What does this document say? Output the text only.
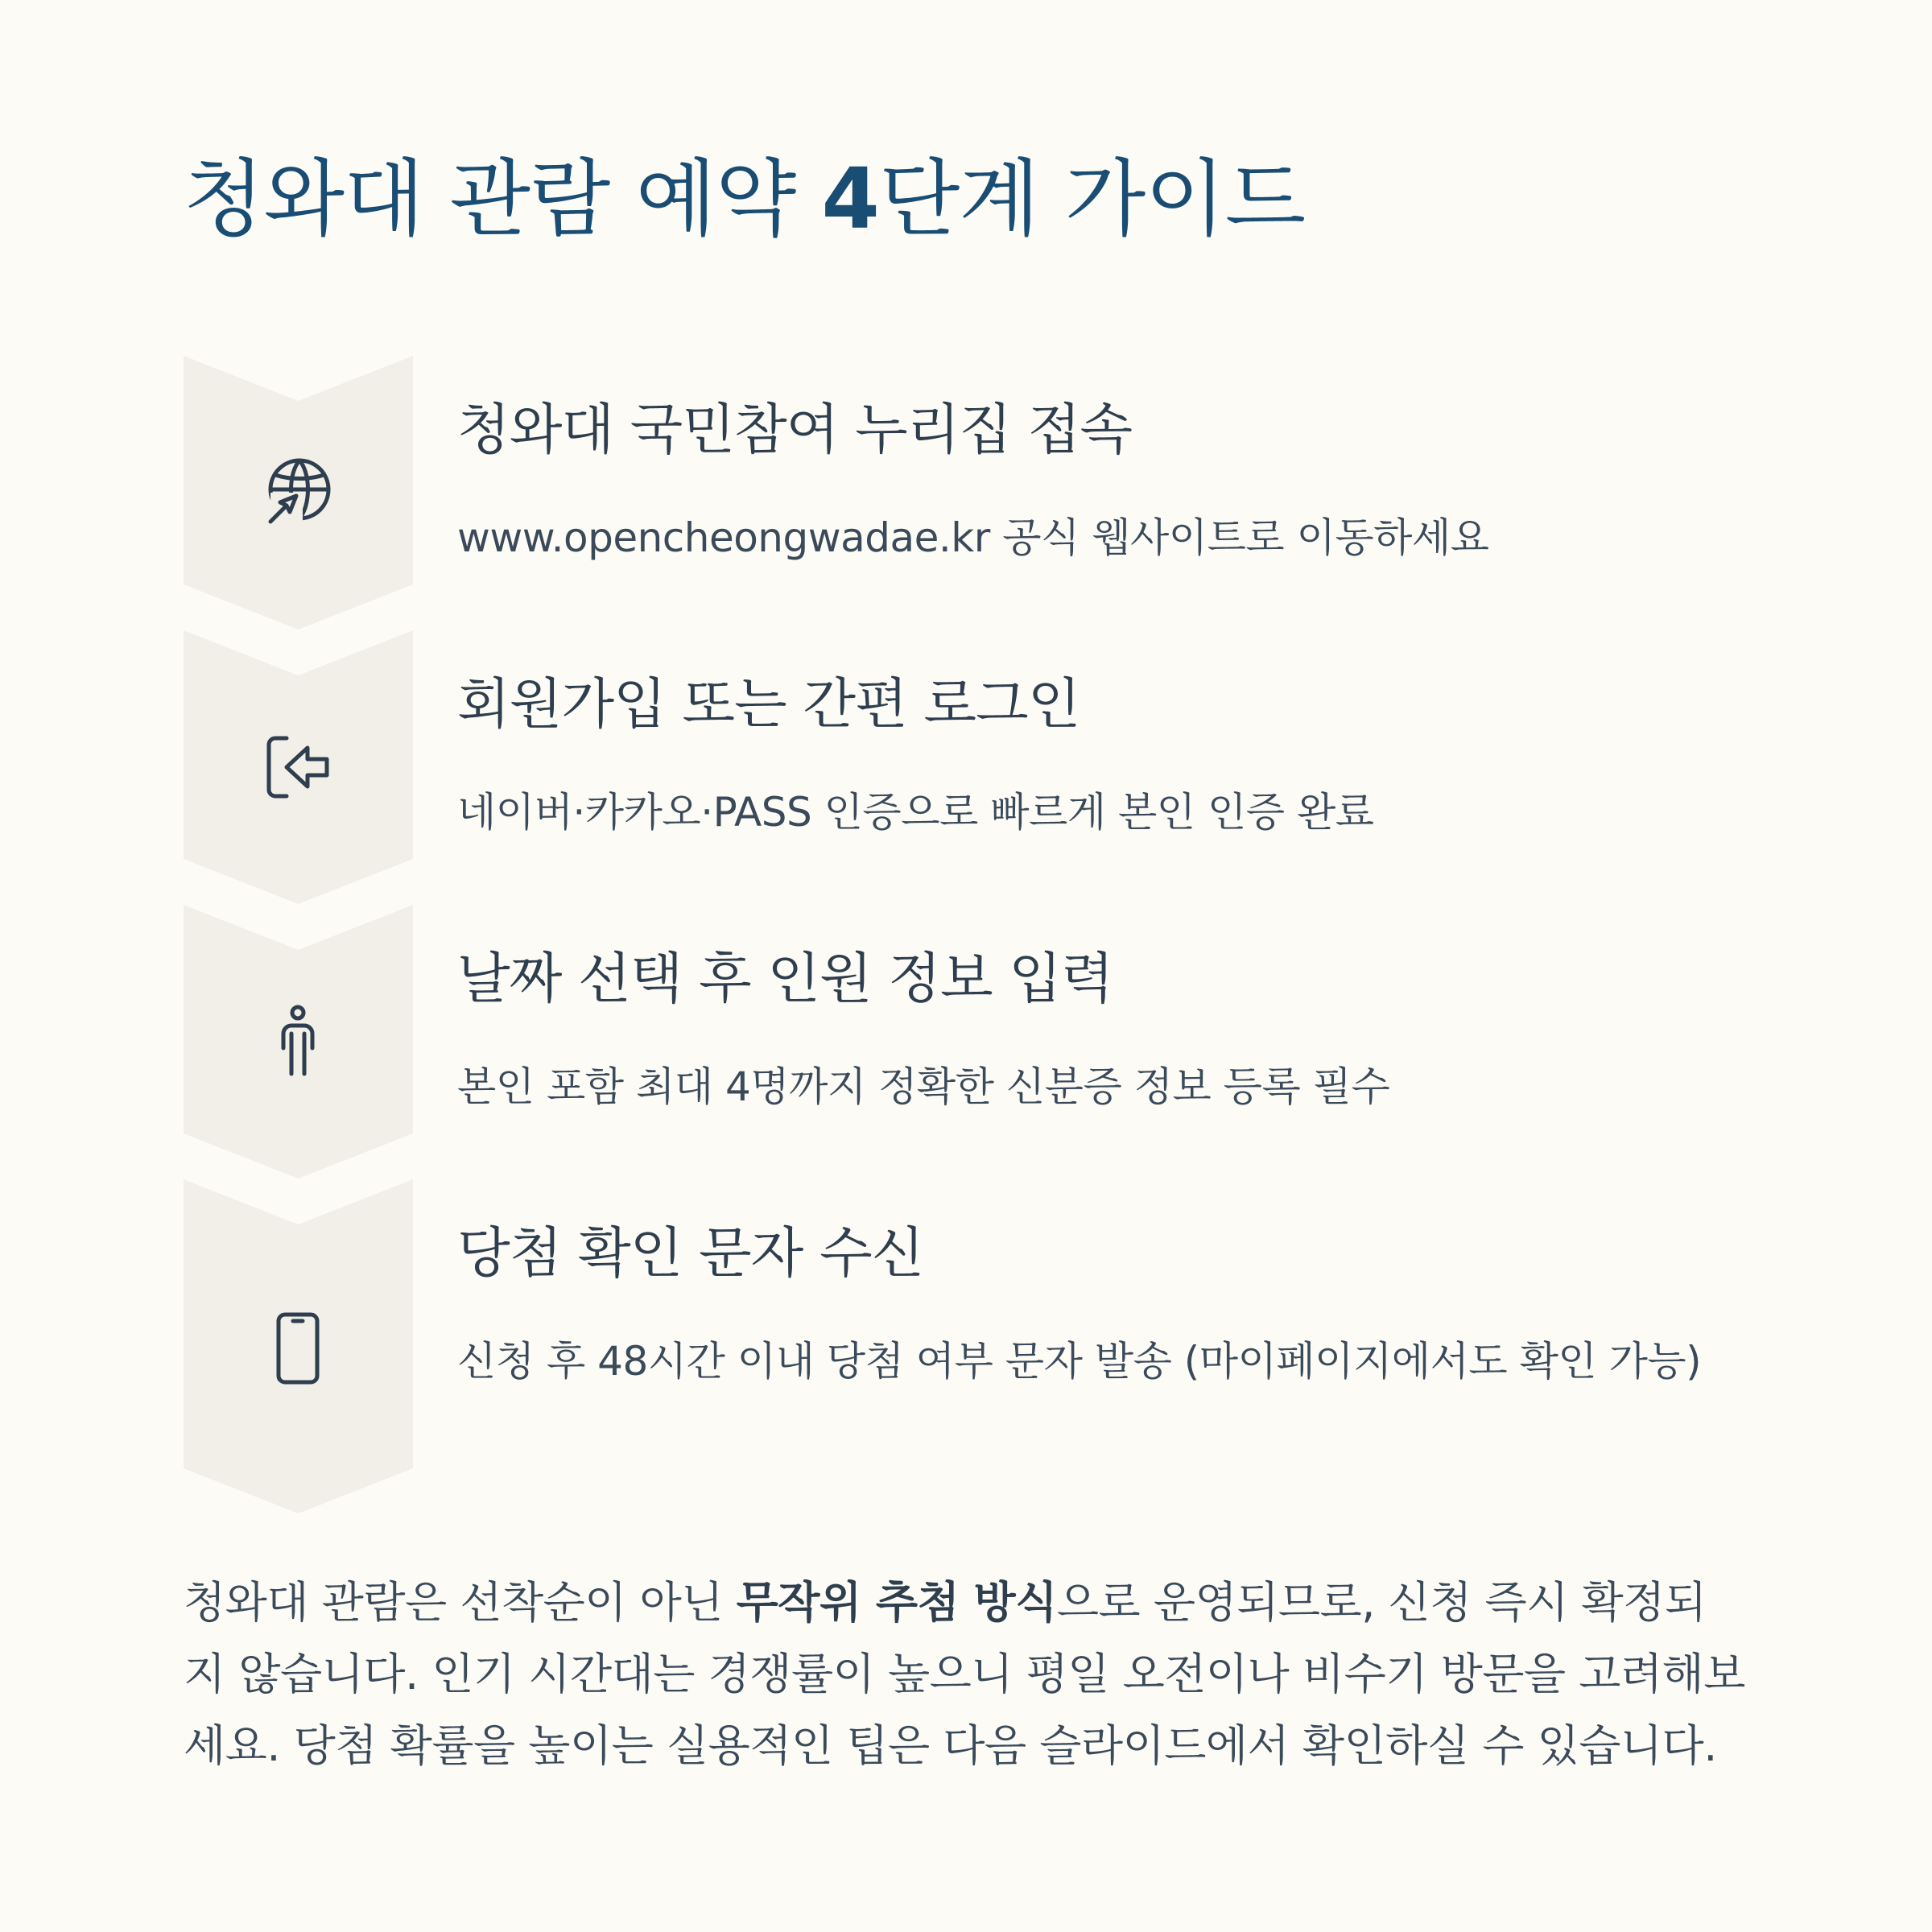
청와대 관람 예약 4단계 가이드
청와대 국민참여 누리집 접속
www.opencheongwadae.kr 공식 웹사이트로 이동하세요
회원가입 또는 간편 로그인
네이버·카카오·PASS 인증으로 빠르게 본인 인증 완료
날짜 선택 후 인원 정보 입력
본인 포함 최대 4명까지 정확한 신분증 정보 등록 필수
당첨 확인 문자 수신
신청 후 48시간 이내 당첨 여부 문자 발송 (마이페이지에서도 확인 가능)

청와대 관람은 선착순이 아닌 무작위 추첨 방식으로 운영되므로, 신청 즉시 확정되지 않습니다. 인기 시간대는 경쟁률이 높으니 평일 오전이나 비수기 방문을 고려해보세요. 당첨 확률을 높이는 실용적인 팁은 다음 슬라이드에서 확인하실 수 있습니다.
